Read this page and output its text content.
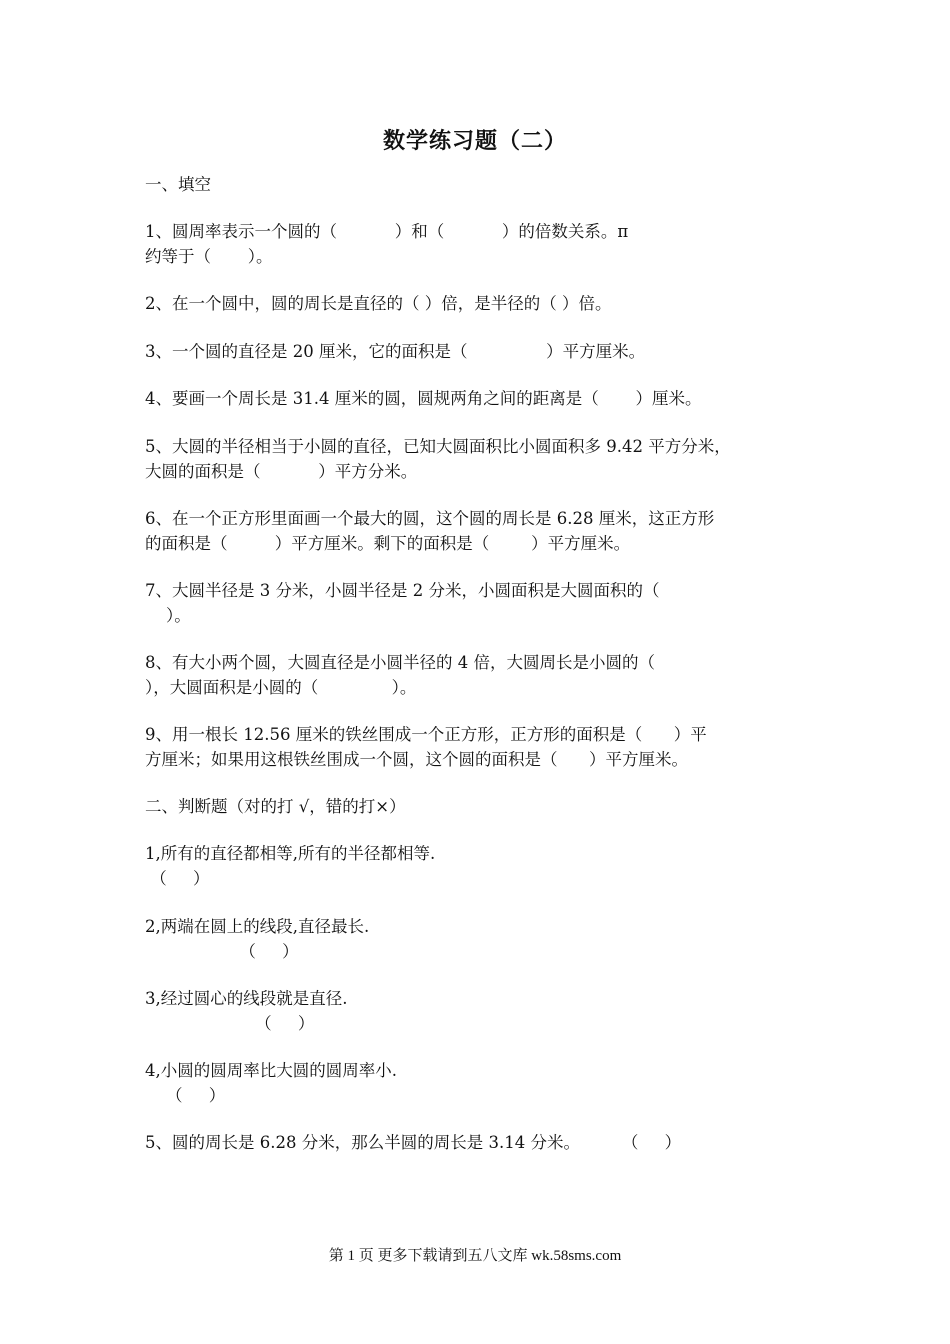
数学练习题（二）
一、填空
1、圆周率表示一个圆的（           ）和（           ）的倍数关系。π
约等于（       ）。
2、在一个圆中，圆的周长是直径的（ ）倍，是半径的（ ）倍。
3、一个圆的直径是 20 厘米，它的面积是（               ）平方厘米。
4、要画一个周长是 31.4 厘米的圆，圆规两角之间的距离是（       ）厘米。
5、大圆的半径相当于小圆的直径，已知大圆面积比小圆面积多 9.42 平方分米，
大圆的面积是（           ）平方分米。
6、在一个正方形里面画一个最大的圆，这个圆的周长是 6.28 厘米，这正方形
的面积是（         ）平方厘米。剩下的面积是（        ）平方厘米。
7、大圆半径是 3 分米，小圆半径是 2 分米，小圆面积是大圆面积的（
）。
8、有大小两个圆，大圆直径是小圆半径的 4 倍，大圆周长是小圆的（
），大圆面积是小圆的（              ）。
9、用一根长 12.56 厘米的铁丝围成一个正方形，正方形的面积是（      ）平
方厘米；如果用这根铁丝围成一个圆，这个圆的面积是（      ）平方厘米。
二、判断题（对的打 √，错的打×）
1,所有的直径都相等,所有的半径都相等.
（     ）
2,两端在圆上的线段,直径最长.
（     ）
3,经过圆心的线段就是直径.
（     ）
4,小圆的圆周率比大圆的圆周率小.
（     ）
5、圆的周长是 6.28 分米，那么半圆的周长是 3.14 分米。        （     ）
第 1 页 更多下载请到五八文库 wk.58sms.com
